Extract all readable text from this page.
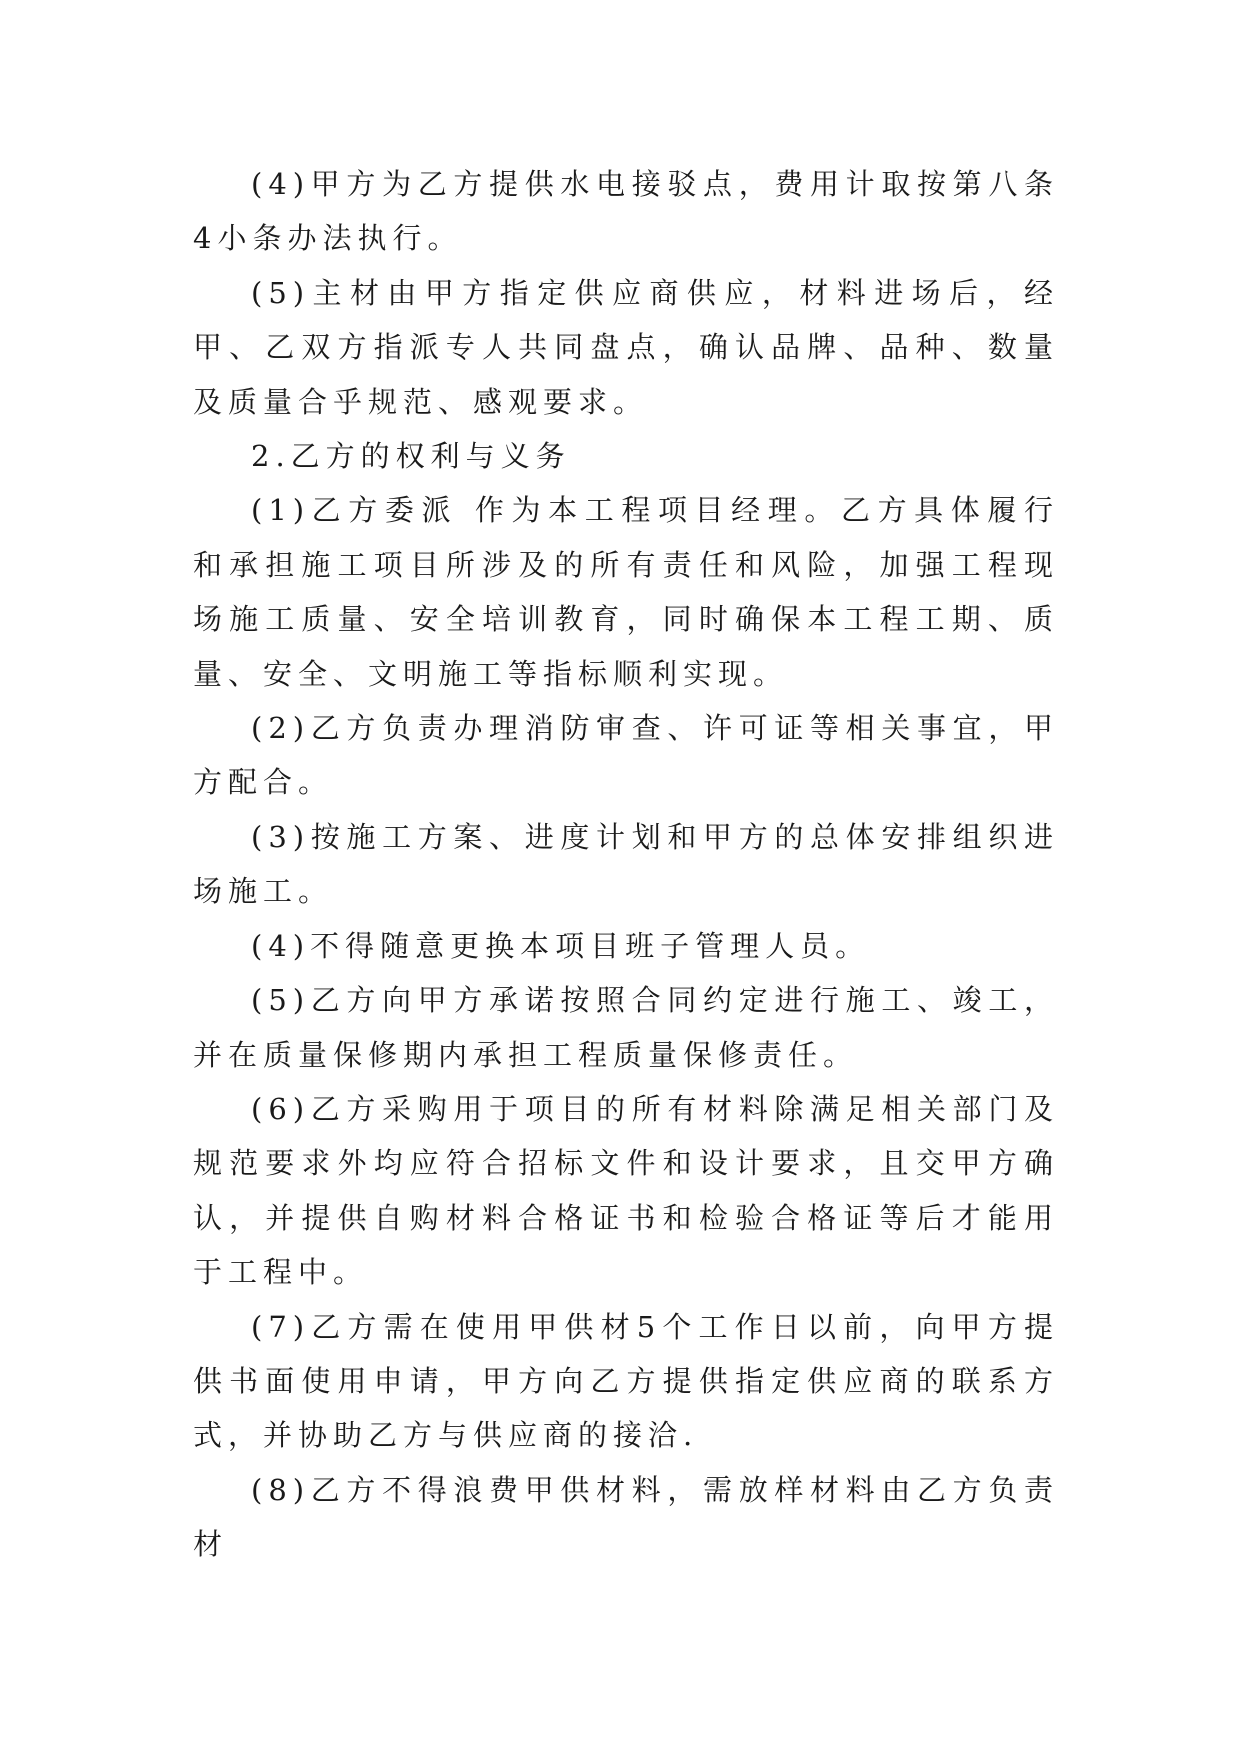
(4)甲方为乙方提供水电接驳点，费用计取按第八条4小条办法执行。

(5)主材由甲方指定供应商供应，材料进场后，经甲、乙双方指派专人共同盘点，确认品牌、品种、数量及质量合乎规范、感观要求。

2.乙方的权利与义务

(1)乙方委派 作为本工程项目经理。乙方具体履行和承担施工项目所涉及的所有责任和风险，加强工程现场施工质量、安全培训教育，同时确保本工程工期、质量、安全、文明施工等指标顺利实现。

(2)乙方负责办理消防审查、许可证等相关事宜，甲方配合。

(3)按施工方案、进度计划和甲方的总体安排组织进场施工。

(4)不得随意更换本项目班子管理人员。

(5)乙方向甲方承诺按照合同约定进行施工、竣工，并在质量保修期内承担工程质量保修责任。

(6)乙方采购用于项目的所有材料除满足相关部门及规范要求外均应符合招标文件和设计要求，且交甲方确认，并提供自购材料合格证书和检验合格证等后才能用于工程中。

(7)乙方需在使用甲供材5个工作日以前，向甲方提供书面使用申请，甲方向乙方提供指定供应商的联系方式，并协助乙方与供应商的接洽.

(8)乙方不得浪费甲供材料，需放样材料由乙方负责材
